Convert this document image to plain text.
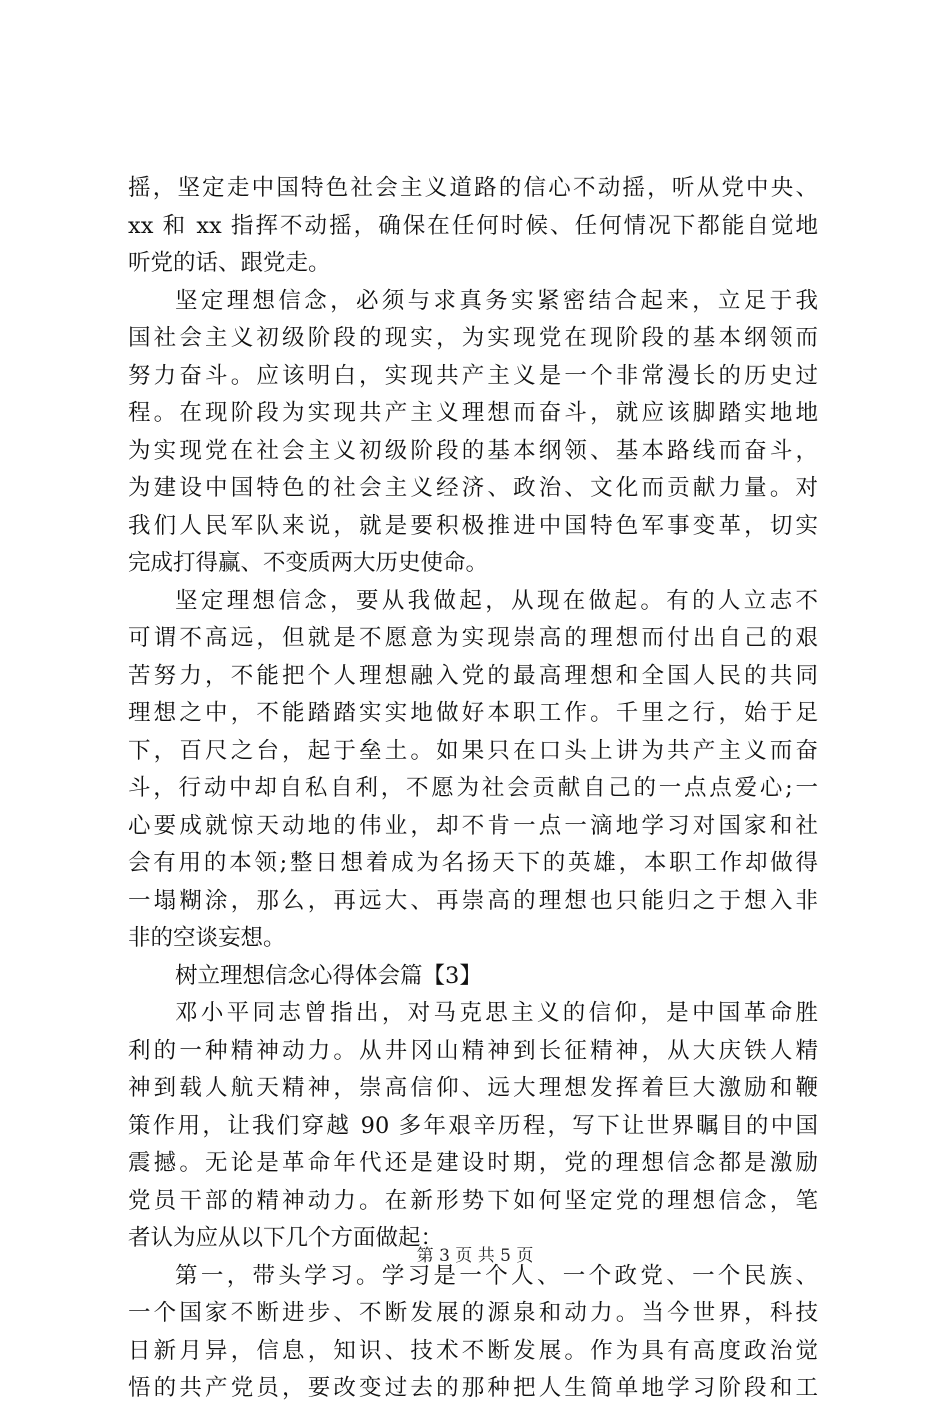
摇，坚定走中国特色社会主义道路的信心不动摇，听从党中央、
xx 和 xx 指挥不动摇，确保在任何时候、任何情况下都能自觉地
听党的话、跟党走。
坚定理想信念，必须与求真务实紧密结合起来，立足于我
国社会主义初级阶段的现实，为实现党在现阶段的基本纲领而
努力奋斗。应该明白，实现共产主义是一个非常漫长的历史过
程。在现阶段为实现共产主义理想而奋斗，就应该脚踏实地地
为实现党在社会主义初级阶段的基本纲领、基本路线而奋斗，
为建设中国特色的社会主义经济、政治、文化而贡献力量。对
我们人民军队来说，就是要积极推进中国特色军事变革，切实
完成打得赢、不变质两大历史使命。
坚定理想信念，要从我做起，从现在做起。有的人立志不
可谓不高远，但就是不愿意为实现崇高的理想而付出自己的艰
苦努力，不能把个人理想融入党的最高理想和全国人民的共同
理想之中，不能踏踏实实地做好本职工作。千里之行，始于足
下，百尺之台，起于垒土。如果只在口头上讲为共产主义而奋
斗，行动中却自私自利，不愿为社会贡献自己的一点点爱心;一
心要成就惊天动地的伟业，却不肯一点一滴地学习对国家和社
会有用的本领;整日想着成为名扬天下的英雄，本职工作却做得
一塌糊涂，那么，再远大、再崇高的理想也只能归之于想入非
非的空谈妄想。
树立理想信念心得体会篇【3】
邓小平同志曾指出，对马克思主义的信仰，是中国革命胜
利的一种精神动力。从井冈山精神到长征精神，从大庆铁人精
神到载人航天精神，崇高信仰、远大理想发挥着巨大激励和鞭
策作用，让我们穿越 90 多年艰辛历程，写下让世界瞩目的中国
震撼。无论是革命年代还是建设时期，党的理想信念都是激励
党员干部的精神动力。在新形势下如何坚定党的理想信念，笔
者认为应从以下几个方面做起：
第一，带头学习。学习是一个人、一个政党、一个民族、
一个国家不断进步、不断发展的源泉和动力。当今世界，科技
日新月异，信息，知识、技术不断发展。作为具有高度政治觉
悟的共产党员，要改变过去的那种把人生简单地学习阶段和工
第 3 页 共 5 页
